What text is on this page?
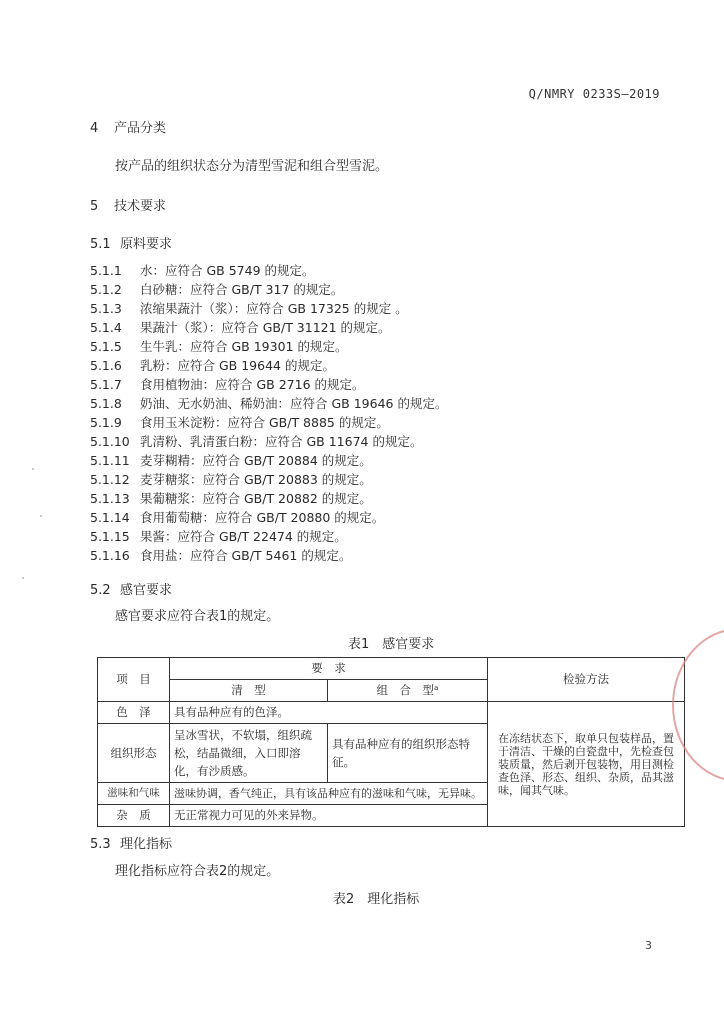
Q/NMRY 0233S—2019
4 产品分类
按产品的组织状态分为清型雪泥和组合型雪泥。
5 技术要求
5.1 原料要求
5.1.1 水：应符合 GB 5749 的规定。
5.1.2 白砂糖：应符合 GB/T 317 的规定。
5.1.3 浓缩果蔬汁（浆）：应符合 GB 17325 的规定 。
5.1.4 果蔬汁（浆）：应符合 GB/T 31121 的规定。
5.1.5 生牛乳：应符合 GB 19301 的规定。
5.1.6 乳粉：应符合 GB 19644 的规定。
5.1.7 食用植物油：应符合 GB 2716 的规定。
5.1.8 奶油、无水奶油、稀奶油：应符合 GB 19646 的规定。
5.1.9 食用玉米淀粉：应符合 GB/T 8885 的规定。
5.1.10 乳清粉、乳清蛋白粉：应符合 GB 11674 的规定。
5.1.11 麦芽糊精：应符合 GB/T 20884 的规定。
5.1.12 麦芽糖浆：应符合 GB/T 20883 的规定。
5.1.13 果葡糖浆：应符合 GB/T 20882 的规定。
5.1.14 食用葡萄糖：应符合 GB/T 20880 的规定。
5.1.15 果酱：应符合 GB/T 22474 的规定。
5.1.16 食用盐：应符合 GB/T 5461 的规定。
5.2 感官要求
感官要求应符合表1的规定。
表1　感官要求
项　目	要　求		检验方法
	清　型	组　合　型ᵃ	
色　泽	具有品种应有的色泽。		在冻结状态下，取单只包装样品，置于清洁、干燥的白瓷盘中，先检查包装质量，然后剥开包装物，用目测检查色泽、形态、组织、杂质，品其滋味，闻其气味。
组织形态	呈冰雪状，不软塌，组织疏松，结晶微细，入口即溶化，有沙质感。	具有品种应有的组织形态特征。	
滋味和气味	滋味协调，香气纯正，具有该品种应有的滋味和气味，无异味。		
杂　质	无正常视力可见的外来异物。		
5.3 理化指标
理化指标应符合表2的规定。
表2　理化指标
3
